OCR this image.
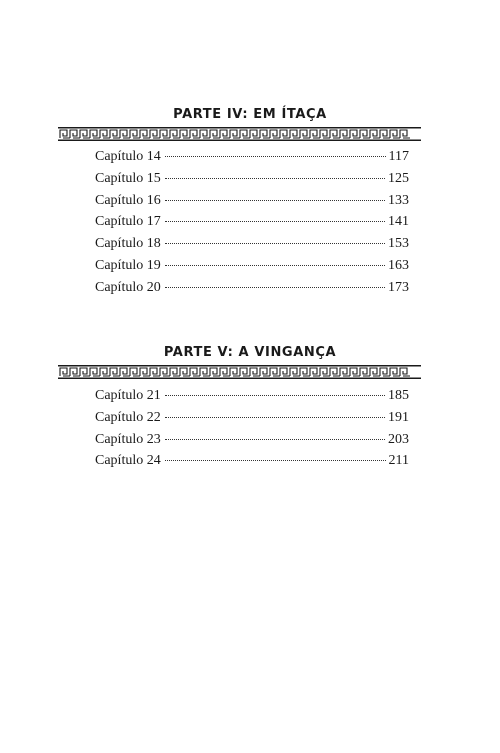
PARTE IV: EM ÍTAÇA
Capítulo 14	117
Capítulo 15	125
Capítulo 16	133
Capítulo 17	141
Capítulo 18	153
Capítulo 19	163
Capítulo 20	173
PARTE V: A VINGANÇA
Capítulo 21	185
Capítulo 22	191
Capítulo 23	203
Capítulo 24	211
